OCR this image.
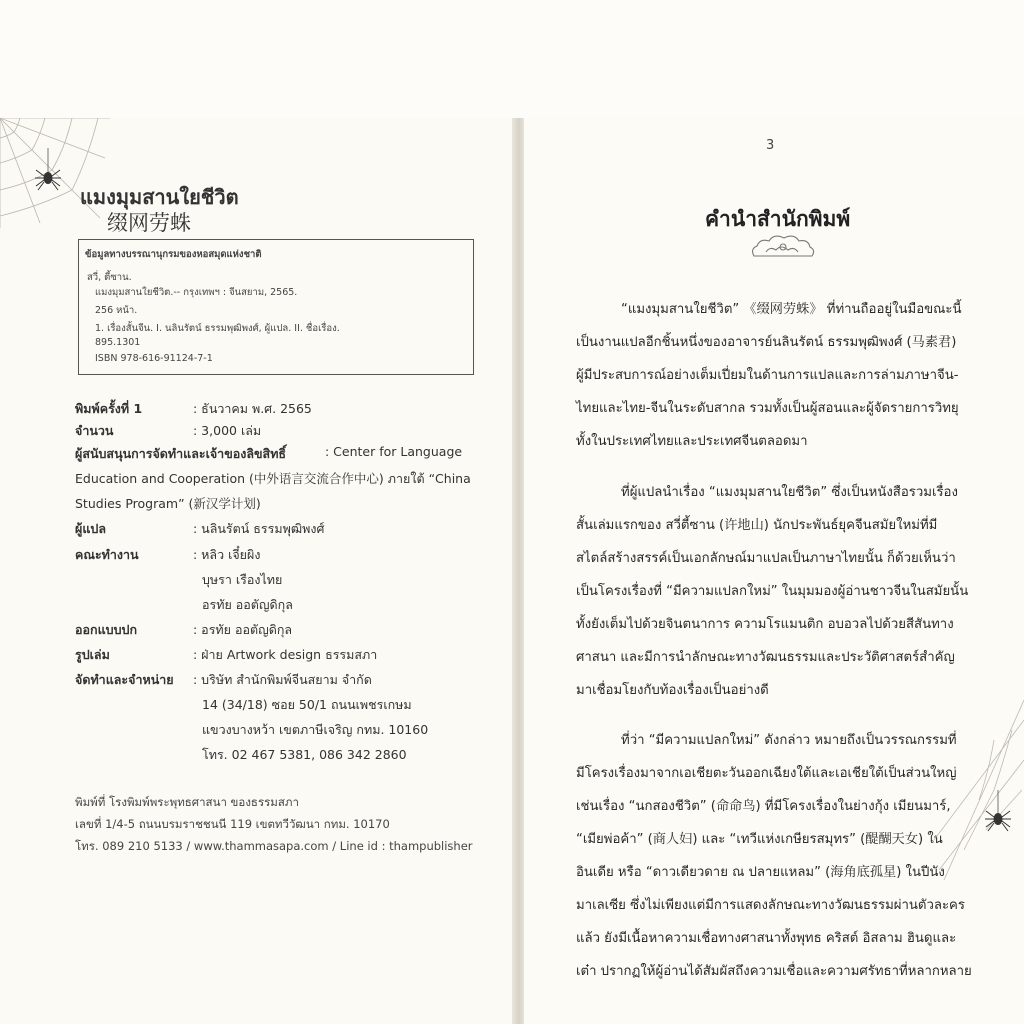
แมงมุมสานใยชีวิต
缀网劳蛛
ข้อมูลทางบรรณานุกรมของหอสมุดแห่งชาติ
สวี่, ตี้ซาน.
แมงมุมสานใยชีวิต.-- กรุงเทพฯ : จีนสยาม, 2565.
256 หน้า.
1. เรื่องสั้นจีน. I. นลินรัตน์ ธรรมพุฒิพงศ์, ผู้แปล. II. ชื่อเรื่อง.
895.1301
ISBN 978-616-91124-7-1
พิมพ์ครั้งที่ 1	: ธันวาคม พ.ศ. 2565
จำนวน	: 3,000 เล่ม
ผู้สนับสนุนการจัดทำและเจ้าของลิขสิทธิ์	: Center for Language
Education and Cooperation (中外语言交流合作中心) ภายใต้ “China
Studies Program” (新汉学计划)
ผู้แปล	: นลินรัตน์ ธรรมพุฒิพงศ์
คณะทำงาน	: หลิว เจี๋ยผิง
บุษรา เรืองไทย
อรทัย ออตัญดิกุล
ออกแบบปก	: อรทัย ออตัญดิกุล
รูปเล่ม	: ฝ่าย Artwork design ธรรมสภา
จัดทำและจำหน่าย : บริษัท สำนักพิมพ์จีนสยาม จำกัด
14 (34/18) ซอย 50/1 ถนนเพชรเกษม
แขวงบางหว้า เขตภาษีเจริญ กทม. 10160
โทร. 02 467 5381, 086 342 2860
พิมพ์ที่ โรงพิมพ์พระพุทธศาสนา ของธรรมสภา
เลขที่ 1/4-5 ถนนบรมราชชนนี 119 เขตทวีวัฒนา กทม. 10170
โทร. 089 210 5133 / www.thammasapa.com / Line id : thampublisher
3
คำนำสำนักพิมพ์
“แมงมุมสานใยชีวิต” 《缀网劳蛛》 ที่ท่านถืออยู่ในมือขณะนี้
เป็นงานแปลอีกชิ้นหนึ่งของอาจารย์นลินรัตน์ ธรรมพุฒิพงศ์ (马素君)
ผู้มีประสบการณ์อย่างเต็มเปี่ยมในด้านการแปลและการล่ามภาษาจีน-
ไทยและไทย-จีนในระดับสากล รวมทั้งเป็นผู้สอนและผู้จัดรายการวิทยุ
ทั้งในประเทศไทยและประเทศจีนตลอดมา
ที่ผู้แปลนำเรื่อง “แมงมุมสานใยชีวิต” ซึ่งเป็นหนังสือรวมเรื่อง
สั้นเล่มแรกของ สวี่ตี้ซาน (许地山) นักประพันธ์ยุคจีนสมัยใหม่ที่มี
สไตล์สร้างสรรค์เป็นเอกลักษณ์มาแปลเป็นภาษาไทยนั้น ก็ด้วยเห็นว่า
เป็นโครงเรื่องที่ “มีความแปลกใหม่” ในมุมมองผู้อ่านชาวจีนในสมัยนั้น
ทั้งยังเต็มไปด้วยจินตนาการ ความโรแมนติก อบอวลไปด้วยสีสันทาง
ศาสนา และมีการนำลักษณะทางวัฒนธรรมและประวัติศาสตร์สำคัญ
มาเชื่อมโยงกับท้องเรื่องเป็นอย่างดี
ที่ว่า “มีความแปลกใหม่” ดังกล่าว หมายถึงเป็นวรรณกรรมที่
มีโครงเรื่องมาจากเอเชียตะวันออกเฉียงใต้และเอเชียใต้เป็นส่วนใหญ่
เช่นเรื่อง “นกสองชีวิต” (命命鸟) ที่มีโครงเรื่องในย่างกุ้ง เมียนมาร์,
“เมียพ่อค้า” (商人妇) และ “เทวีแห่งเกษียรสมุทร” (醍醐天女) ใน
อินเดีย หรือ “ดาวเดียวดาย ณ ปลายแหลม” (海角底孤星) ในปีนัง
มาเลเซีย ซึ่งไม่เพียงแต่มีการแสดงลักษณะทางวัฒนธรรมผ่านตัวละคร
แล้ว ยังมีเนื้อหาความเชื่อทางศาสนาทั้งพุทธ คริสต์ อิสลาม ฮินดูและ
เต๋า ปรากฏให้ผู้อ่านได้สัมผัสถึงความเชื่อและความศรัทธาที่หลากหลาย
